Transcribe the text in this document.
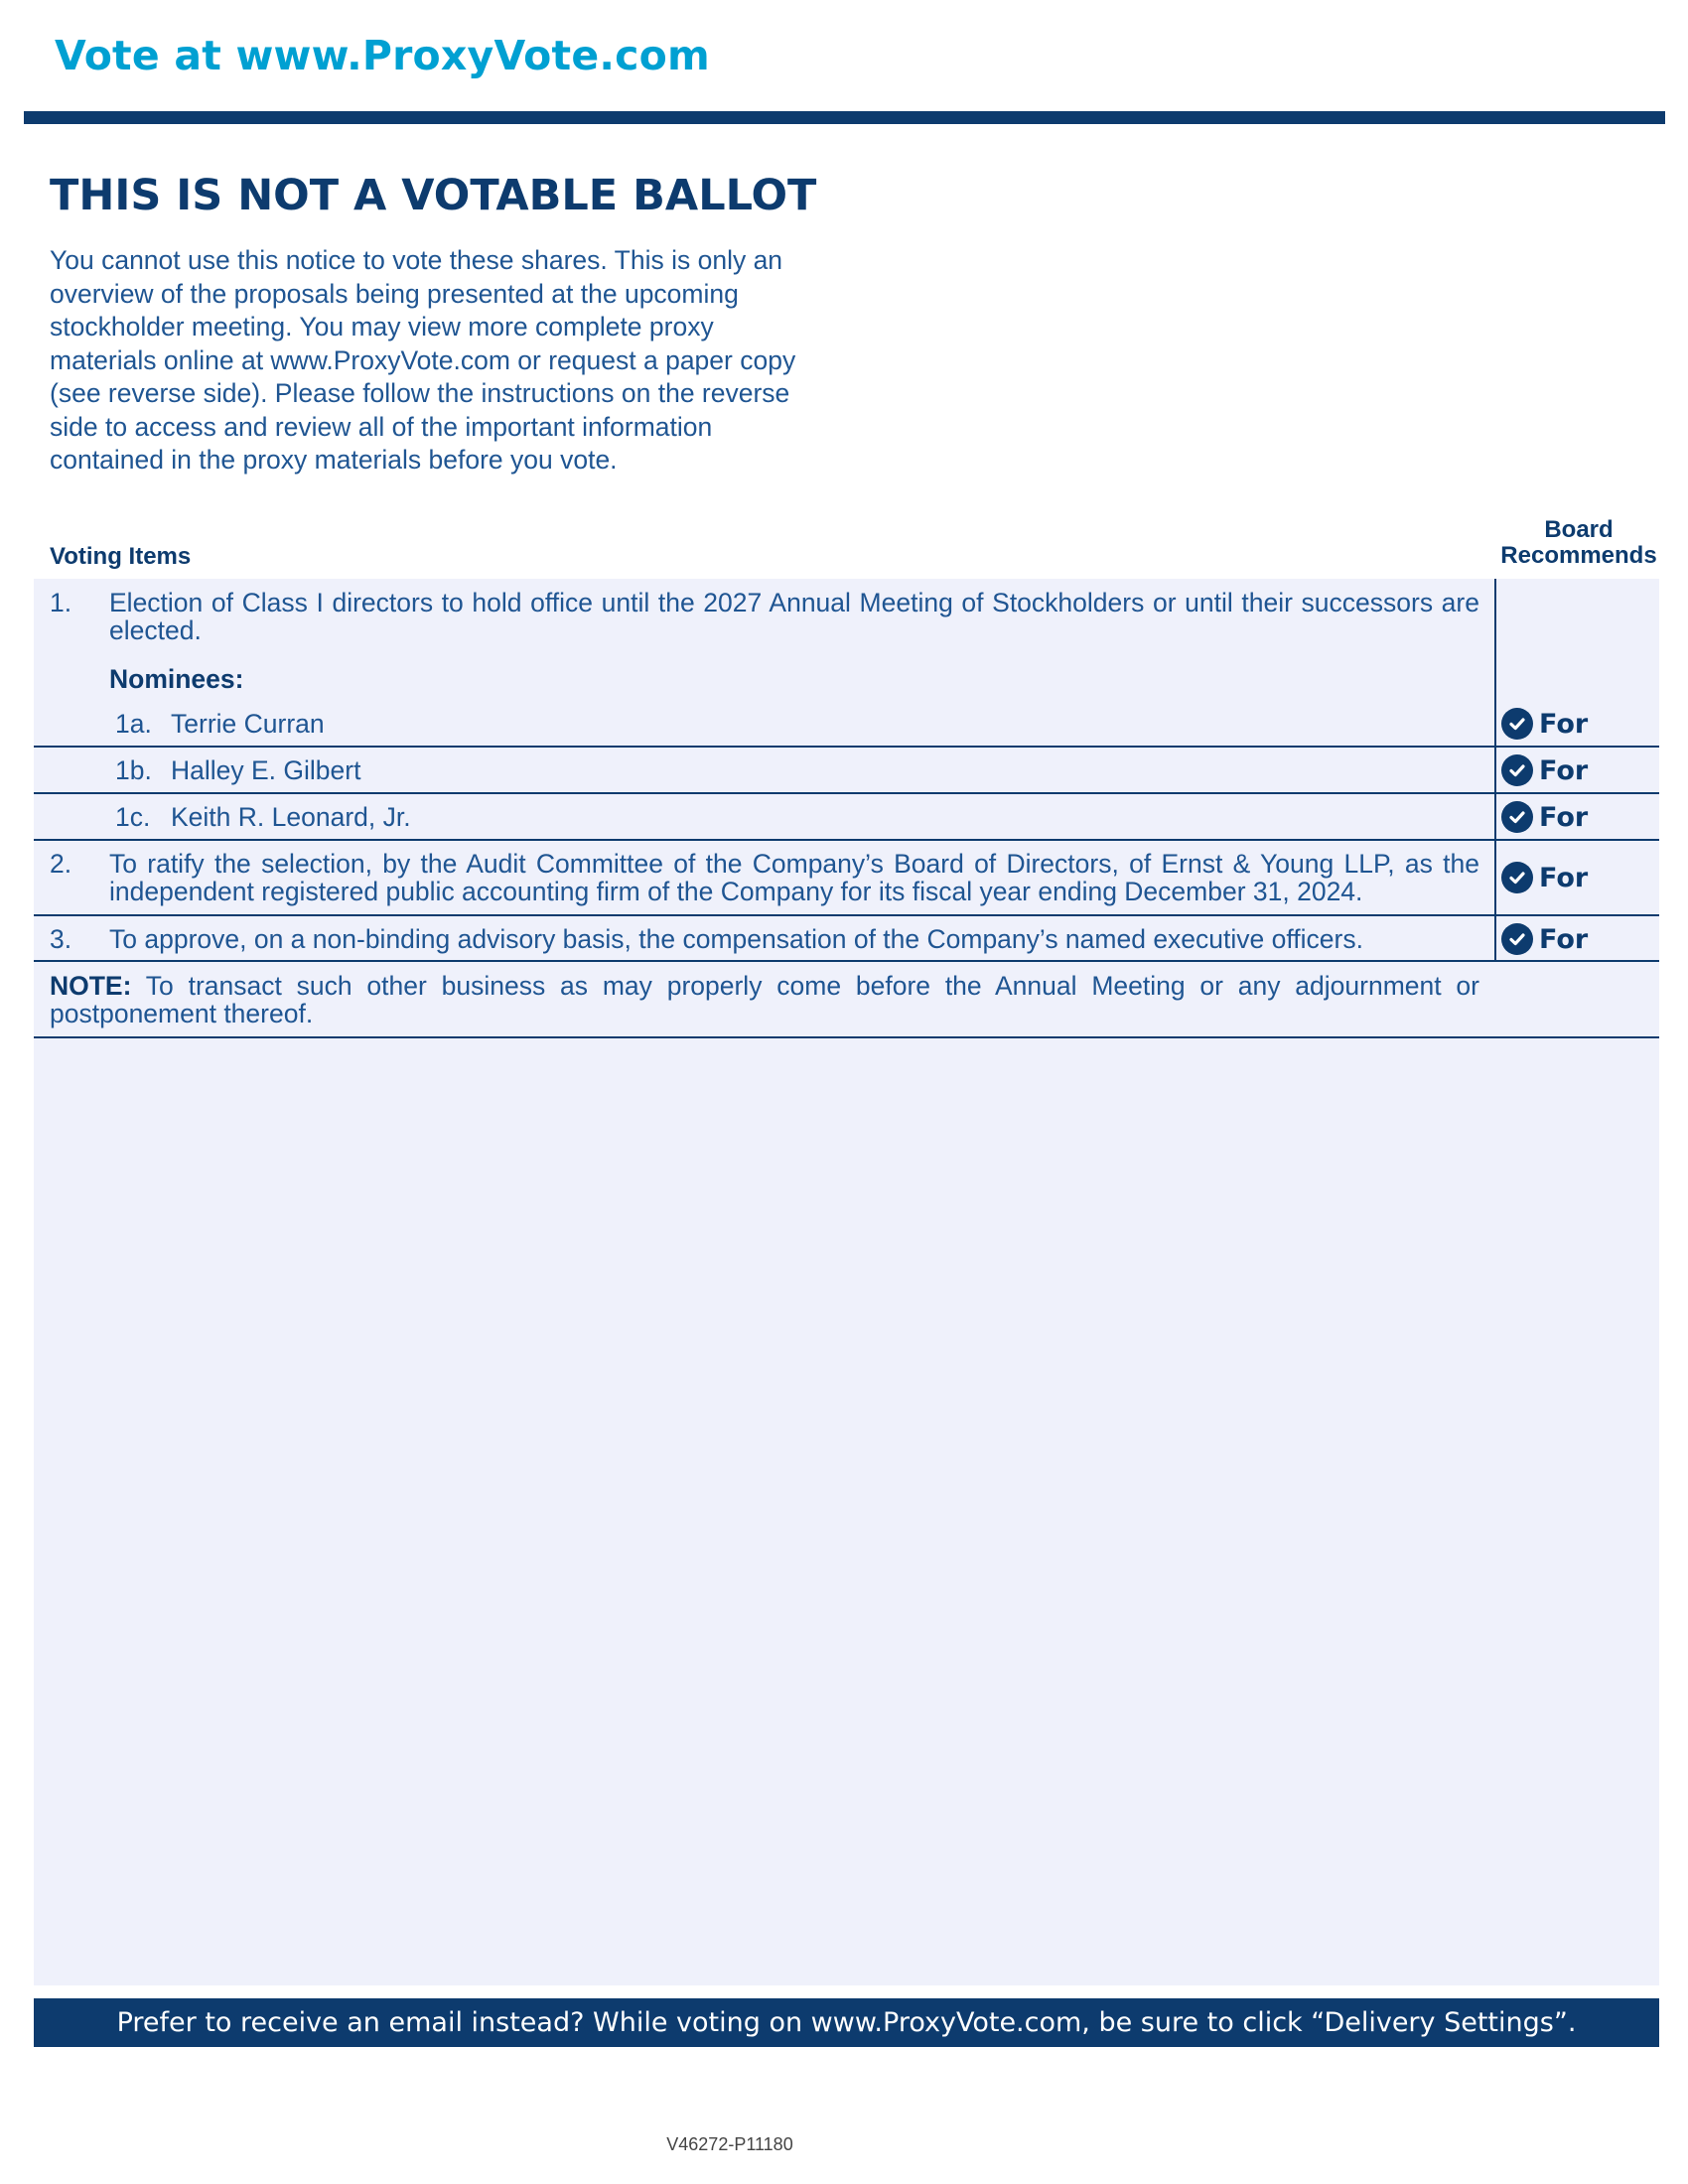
Vote at www.ProxyVote.com
THIS IS NOT A VOTABLE BALLOT
You cannot use this notice to vote these shares. This is only an
overview of the proposals being presented at the upcoming
stockholder meeting. You may view more complete proxy
materials online at www.ProxyVote.com or request a paper copy
(see reverse side). Please follow the instructions on the reverse
side to access and review all of the important information
contained in the proxy materials before you vote.
Voting Items
Board
Recommends
1. Election of Class I directors to hold office until the 2027 Annual Meeting of Stockholders or until their successors are
elected.
Nominees:
1a. Terrie Curran	For
1b. Halley E. Gilbert	For
1c. Keith R. Leonard, Jr.	For
2. To ratify the selection, by the Audit Committee of the Company’s Board of Directors, of Ernst & Young LLP, as the
independent registered public accounting firm of the Company for its fiscal year ending December 31, 2024.	For
3. To approve, on a non-binding advisory basis, the compensation of the Company’s named executive officers.	For
NOTE: To transact such other business as may properly come before the Annual Meeting or any adjournment or
postponement thereof.
Prefer to receive an email instead? While voting on www.ProxyVote.com, be sure to click “Delivery Settings”.
V46272-P11180
